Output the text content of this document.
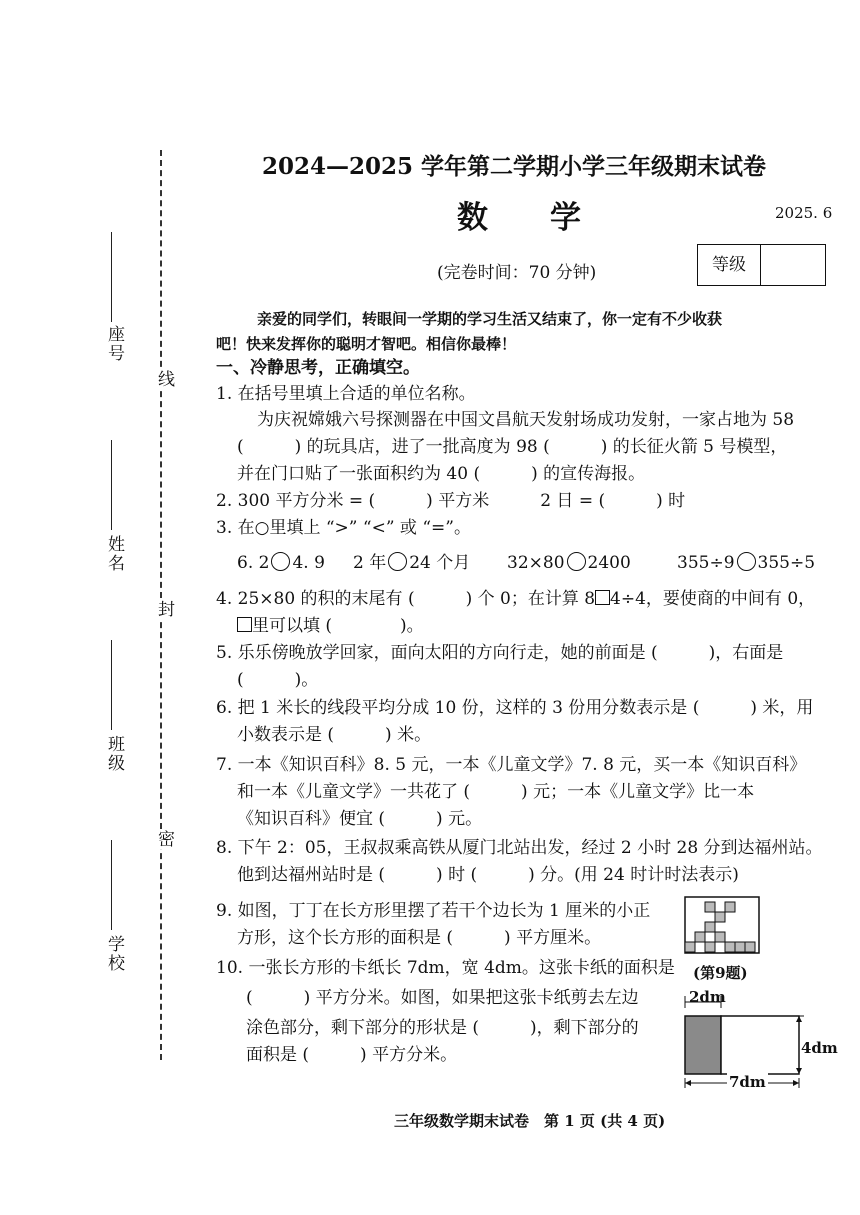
线
封
密
座号
姓名
班级
学校
2024—2025 学年第二学期小学三年级期末试卷
数　　学	2025. 6
(完卷时间：70 分钟)	等级
亲爱的同学们，转眼间一学期的学习生活又结束了，你一定有不少收获
吧！快来发挥你的聪明才智吧。相信你最棒！
一、冷静思考，正确填空。
1. 在括号里填上合适的单位名称。
为庆祝嫦娥六号探测器在中国文昌航天发射场成功发射，一家占地为 58
(　　　) 的玩具店，进了一批高度为 98 (　　　) 的长征火箭 5 号模型，
并在门口贴了一张面积约为 40 (　　　) 的宣传海报。
2. 300 平方分米 = (　　　) 平方米　　　2 日 = (　　　) 时
3. 在○里填上 “>” “<” 或 “=”。
6. 2 4. 9 2 年 24 个月 32×80 2400	355÷9 355÷5
4. 25×80 的积的末尾有 (　　　) 个 0；在计算 8 4÷4，要使商的中间有 0，
里可以填 (　　　　)。
5. 乐乐傍晚放学回家，面向太阳的方向行走，她的前面是 (　　　)，右面是
(　　　)。
6. 把 1 米长的线段平均分成 10 份，这样的 3 份用分数表示是 (　　　) 米，用
小数表示是 (　　　) 米。
7. 一本《知识百科》8. 5 元，一本《儿童文学》7. 8 元，买一本《知识百科》
和一本《儿童文学》一共花了 (　　　) 元；一本《儿童文学》比一本
《知识百科》便宜 (　　　) 元。
8. 下午 2：05，王叔叔乘高铁从厦门北站出发，经过 2 小时 28 分到达福州站。
他到达福州站时是 (　　　) 时 (　　　) 分。(用 24 时计时法表示)
9. 如图，丁丁在长方形里摆了若干个边长为 1 厘米的小正
方形，这个长方形的面积是 (　　　) 平方厘米。
(第9题)
10. 一张长方形的卡纸长 7dm，宽 4dm。这张卡纸的面积是
(　　　) 平方分米。如图，如果把这张卡纸剪去左边
涂色部分，剩下部分的形状是 (　　　)，剩下部分的
面积是 (　　　) 平方分米。
2dm
4dm
7dm
三年级数学期末试卷　第 1 页 (共 4 页)
